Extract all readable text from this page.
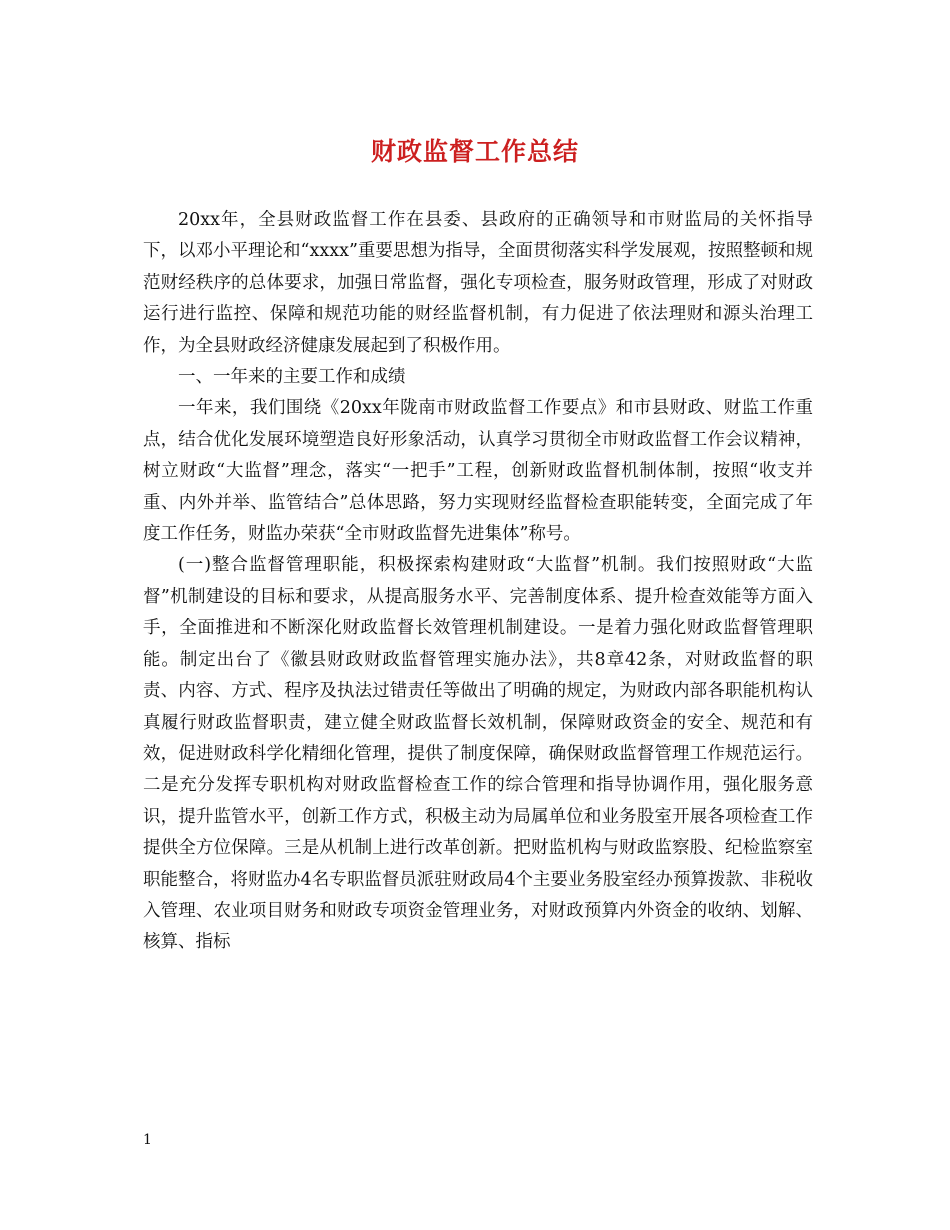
财政监督工作总结

20xx年，全县财政监督工作在县委、县政府的正确领导和市财监局的关怀指导下，以邓小平理论和“xxxx”重要思想为指导，全面贯彻落实科学发展观，按照整顿和规范财经秩序的总体要求，加强日常监督，强化专项检查，服务财政管理，形成了对财政运行进行监控、保障和规范功能的财经监督机制，有力促进了依法理财和源头治理工作，为全县财政经济健康发展起到了积极作用。

一、一年来的主要工作和成绩

一年来，我们围绕《20xx年陇南市财政监督工作要点》和市县财政、财监工作重点，结合优化发展环境塑造良好形象活动，认真学习贯彻全市财政监督工作会议精神，树立财政“大监督”理念，落实“一把手”工程，创新财政监督机制体制，按照“收支并重、内外并举、监管结合”总体思路，努力实现财经监督检查职能转变，全面完成了年度工作任务，财监办荣获“全市财政监督先进集体”称号。

(一)整合监督管理职能，积极探索构建财政“大监督”机制。我们按照财政“大监督”机制建设的目标和要求，从提高服务水平、完善制度体系、提升检查效能等方面入手，全面推进和不断深化财政监督长效管理机制建设。一是着力强化财政监督管理职能。制定出台了《徽县财政财政监督管理实施办法》，共8章42条，对财政监督的职责、内容、方式、程序及执法过错责任等做出了明确的规定，为财政内部各职能机构认真履行财政监督职责，建立健全财政监督长效机制，保障财政资金的安全、规范和有效，促进财政科学化精细化管理，提供了制度保障，确保财政监督管理工作规范运行。二是充分发挥专职机构对财政监督检查工作的综合管理和指导协调作用，强化服务意识，提升监管水平，创新工作方式，积极主动为局属单位和业务股室开展各项检查工作提供全方位保障。三是从机制上进行改革创新。把财监机构与财政监察股、纪检监察室职能整合，将财监办4名专职监督员派驻财政局4个主要业务股室经办预算拨款、非税收入管理、农业项目财务和财政专项资金管理业务，对财政预算内外资金的收纳、划解、核算、指标

1
